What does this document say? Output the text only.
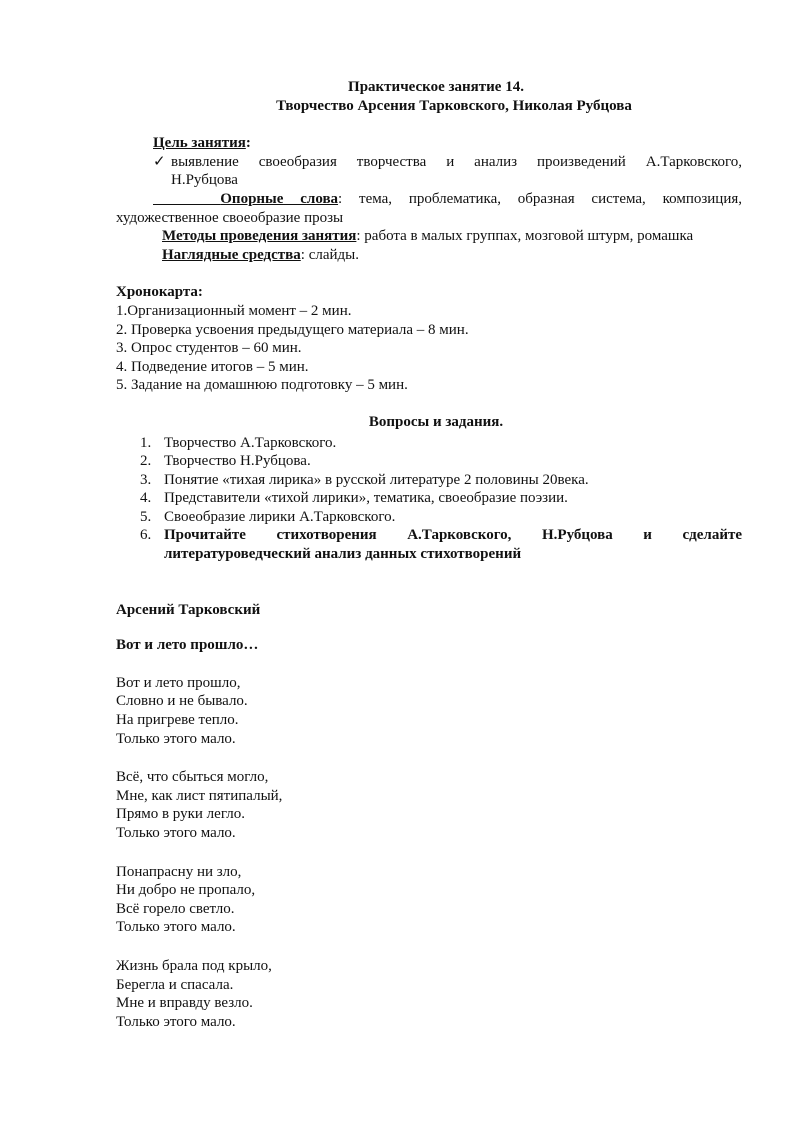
Практическое занятие 14.

Творчество Арсения Тарковского, Николая Рубцова

Цель занятия:

✓ выявление своеобразия творчества и анализ произведений А.Тарковского,

Н.Рубцова

Опорные слова: тема, проблематика, образная система, композиция,

художественное своеобразие прозы

Методы проведения занятия: работа в малых группах, мозговой штурм, ромашка

Наглядные средства: слайды.

Хронокарта:

1.Организационный момент – 2 мин.

2. Проверка усвоения предыдущего материала – 8 мин.

3. Опрос студентов – 60 мин.

4. Подведение итогов – 5 мин.

5. Задание на домашнюю подготовку – 5 мин.

Вопросы и задания.

1. Творчество А.Тарковского.
2. Творчество Н.Рубцова.
3. Понятие «тихая лирика» в русской литературе 2 половины 20века.
4. Представители «тихой лирики», тематика, своеобразие поэзии.
5. Своеобразие лирики А.Тарковского.
6. Прочитайте стихотворения А.Тарковского, Н.Рубцова и сделайте
литературоведческий анализ данных стихотворений

Арсений Тарковский

Вот и лето прошло…

Вот и лето прошло,

Словно и не бывало.

На пригреве тепло.

Только этого мало.

Всё, что сбыться могло,

Мне, как лист пятипалый,

Прямо в руки легло.

Только этого мало.

Понапрасну ни зло,

Ни добро не пропало,

Всё горело светло.

Только этого мало.

Жизнь брала под крыло,

Берегла и спасала.

Мне и вправду везло.

Только этого мало.
